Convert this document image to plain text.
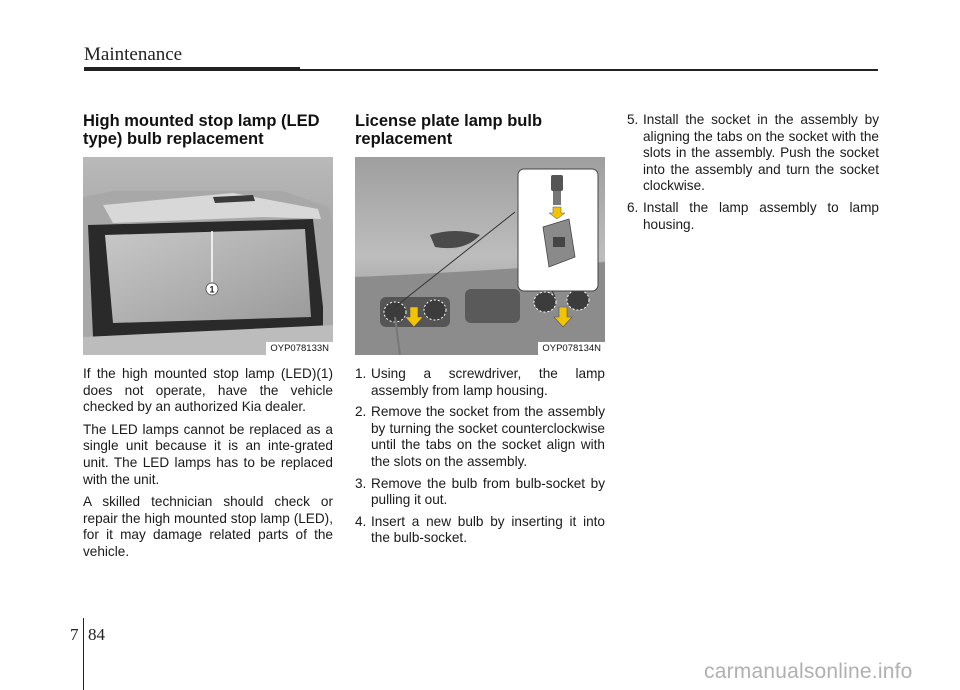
Maintenance
High mounted stop lamp (LED type) bulb replacement
1
OYP078133N

If the high mounted stop lamp (LED)(1) does not operate, have the vehicle checked by an authorized Kia dealer.

The LED lamps cannot be replaced as a single unit because it is an inte-grated unit. The LED lamps has to be replaced with the unit.

A skilled technician should check or repair the high mounted stop lamp (LED), for it may damage related parts of the vehicle.

License plate lamp bulb replacement
OYP078134N
1. Using a screwdriver, the lamp assembly from lamp housing.
2. Remove the socket from the assembly by turning the socket counterclockwise until the tabs on the socket align with the slots on the assembly.
3. Remove the bulb from bulb-socket by pulling it out.
4. Insert a new bulb by inserting it into the bulb-socket.
5. Install the socket in the assembly by aligning the tabs on the socket with the slots in the assembly. Push the socket into the assembly and turn the socket clockwise.
6. Install the lamp assembly to lamp housing.
7 84
carmanualsonline.info
